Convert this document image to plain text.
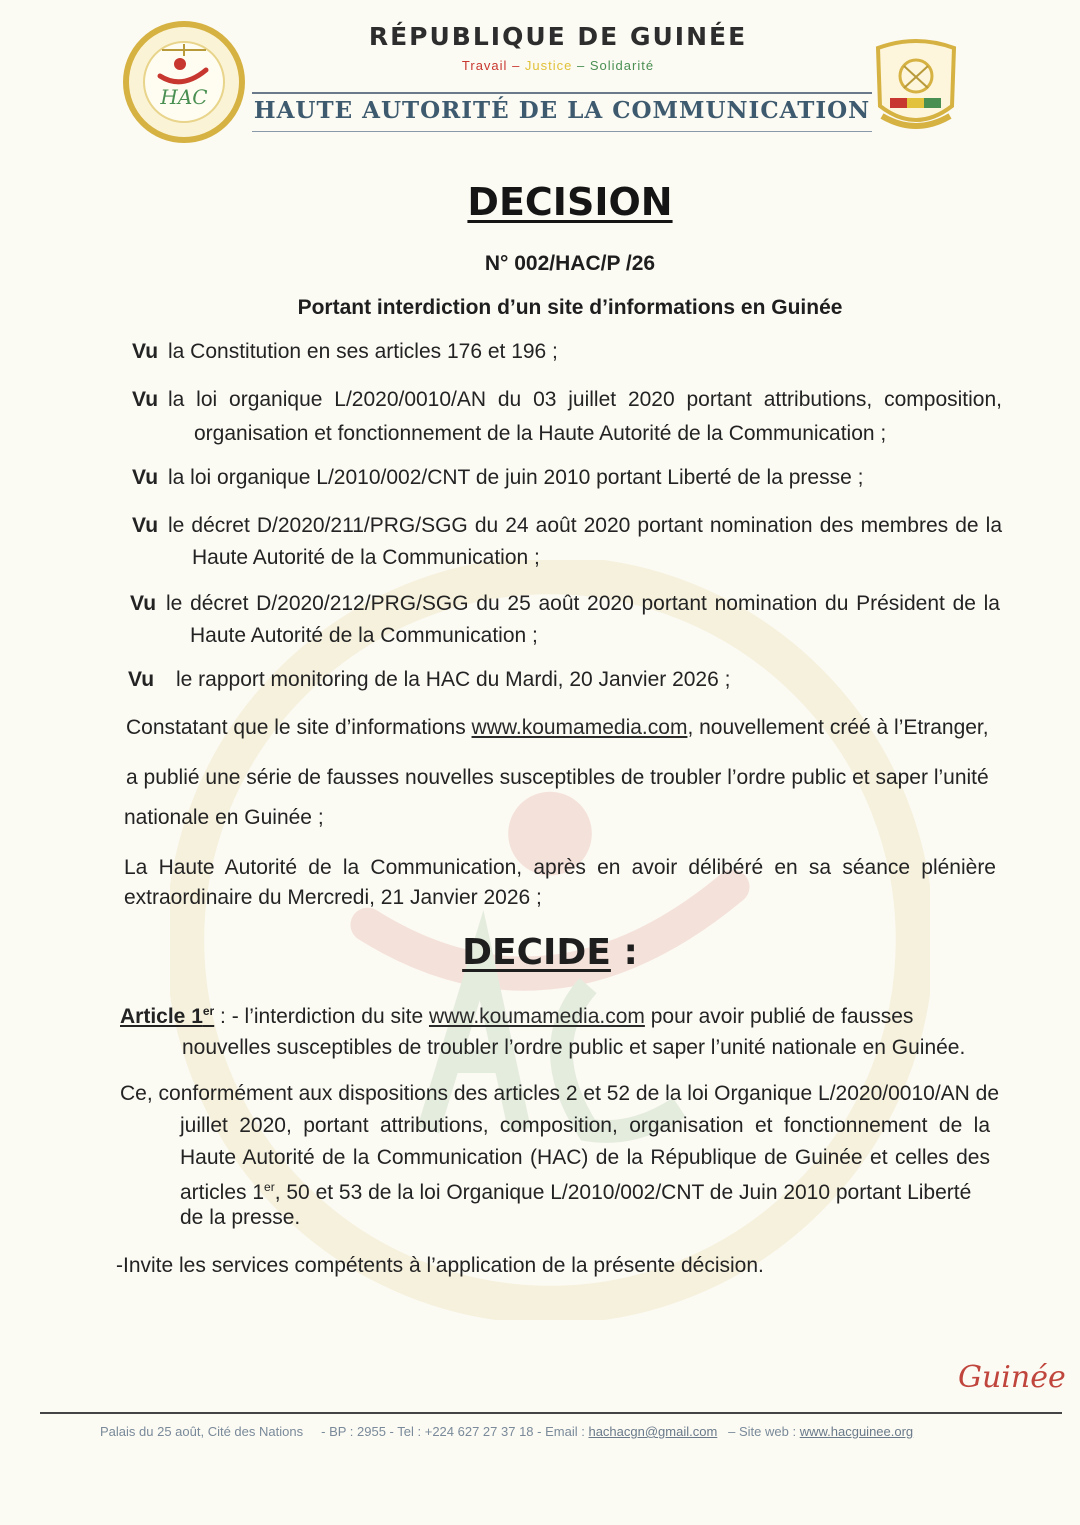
HAC
RÉPUBLIQUE DE GUINÉE
Travail – Justice – Solidarité
HAUTE AUTORITÉ DE LA COMMUNICATION
DECISION
N° 002/HAC/P /26
Portant interdiction d’un site d’informations en Guinée
Vu la Constitution en ses articles 176 et 196 ;
Vu la loi organique L/2020/0010/AN du 03 juillet 2020 portant attributions, composition,
organisation et fonctionnement de la Haute Autorité de la Communication ;
Vu la loi organique L/2010/002/CNT de juin 2010 portant Liberté de la presse ;
Vu le décret D/2020/211/PRG/SGG du 24 août 2020 portant nomination des membres de la
Haute Autorité de la Communication ;
Vu le décret D/2020/212/PRG/SGG du 25 août 2020 portant nomination du Président de la
Haute Autorité de la Communication ;
Vu le rapport monitoring de la HAC du Mardi, 20 Janvier 2026 ;
Constatant que le site d’informations www.koumamedia.com, nouvellement créé à l’Etranger,
a publié une série de fausses nouvelles susceptibles de troubler l’ordre public et saper l’unité
nationale en Guinée ;
La Haute Autorité de la Communication, après en avoir délibéré en sa séance plénière
extraordinaire du Mercredi, 21 Janvier 2026 ;
DECIDE :
Article 1er : - l’interdiction du site www.koumamedia.com pour avoir publié de fausses
nouvelles susceptibles de troubler l’ordre public et saper l’unité nationale en Guinée.
Ce, conformément aux dispositions des articles 2 et 52 de la loi Organique L/2020/0010/AN de
juillet 2020, portant attributions, composition, organisation et fonctionnement de la
Haute Autorité de la Communication (HAC) de la République de Guinée et celles des
articles 1er, 50 et 53 de la loi Organique L/2010/002/CNT de Juin 2010 portant Liberté
de la presse.
-Invite les services compétents à l’application de la présente décision.
Guinée
Palais du 25 août, Cité des Nations - BP : 2955 - Tel : +224 627 27 37 18 - Email : hachacgn@gmail.com – Site web : www.hacguinee.org
